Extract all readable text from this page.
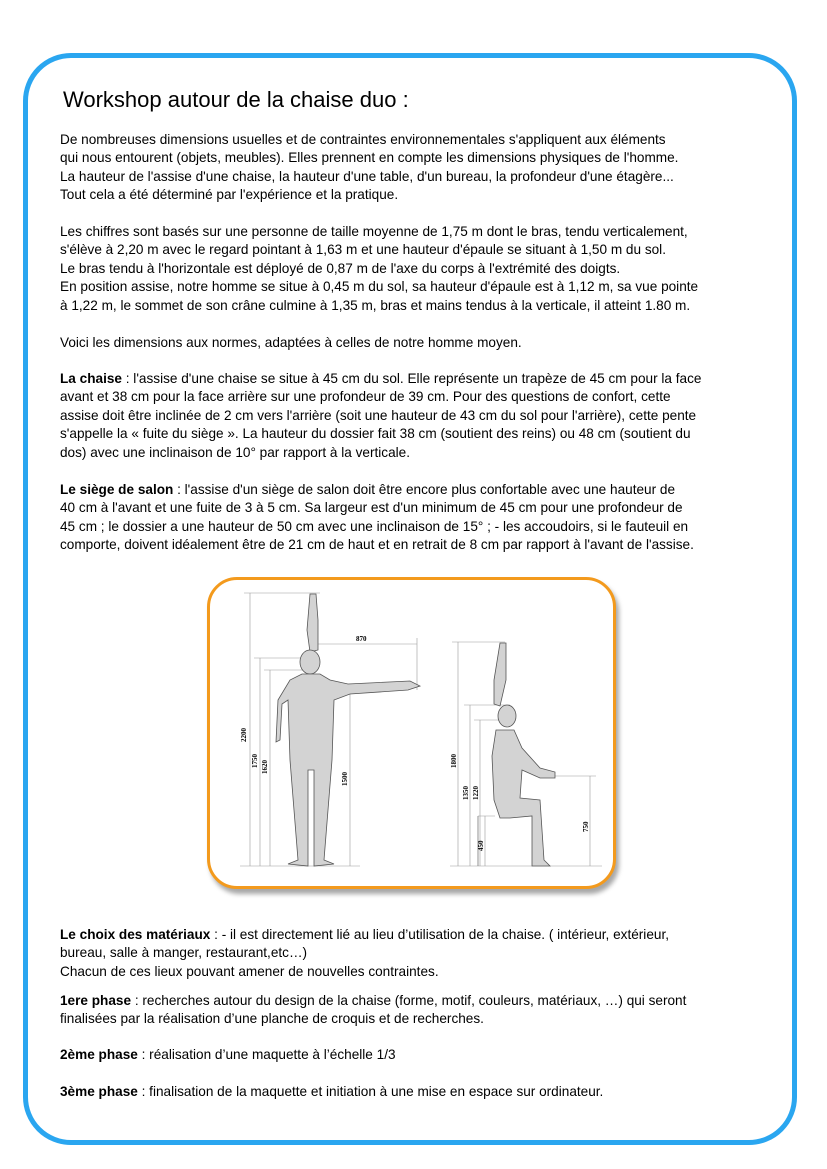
Workshop autour de la chaise duo :

De nombreuses dimensions usuelles et de contraintes environnementales s'appliquent aux éléments
qui nous entourent (objets, meubles). Elles prennent en compte les dimensions physiques de l'homme.
La hauteur de l'assise d'une chaise, la hauteur d'une table, d'un bureau, la profondeur d'une étagère...
Tout cela a été déterminé par l'expérience et la pratique.

Les chiffres sont basés sur une personne de taille moyenne de 1,75 m dont le bras, tendu verticalement,
s'élève à 2,20 m avec le regard pointant à 1,63 m et une hauteur d'épaule se situant à 1,50 m du sol.
Le bras tendu à l'horizontale est déployé de 0,87 m de l'axe du corps à l'extrémité des doigts.
En position assise, notre homme se situe à 0,45 m du sol, sa hauteur d'épaule est à 1,12 m, sa vue pointe
à 1,22 m, le sommet de son crâne culmine à 1,35 m, bras et mains tendus à la verticale, il atteint 1.80 m.

Voici les dimensions aux normes, adaptées à celles de notre homme moyen.

La chaise : l'assise d'une chaise se situe à 45 cm du sol. Elle représente un trapèze de 45 cm pour la face
avant et 38 cm pour la face arrière sur une profondeur de 39 cm. Pour des questions de confort, cette
assise doit être inclinée de 2 cm vers l'arrière (soit une hauteur de 43 cm du sol pour l'arrière), cette pente
s'appelle la « fuite du siège ». La hauteur du dossier fait 38 cm (soutient des reins) ou 48 cm (soutient du
dos) avec une inclinaison de 10° par rapport à la verticale.

Le siège de salon : l'assise d'un siège de salon doit être encore plus confortable avec une hauteur de
40 cm à l'avant et une fuite de 3 à 5 cm. Sa largeur est d'un minimum de 45 cm pour une profondeur de
45 cm ; le dossier a une hauteur de 50 cm avec une inclinaison de 15° ; - les accoudoirs, si le fauteuil en
comporte, doivent idéalement être de 21 cm de haut et en retrait de 8 cm par rapport à l'avant de l'assise.

870
2200
1750 1620
1500
1800
1350 1220
450
750

Le choix des matériaux : - il est directement lié au lieu d’utilisation de la chaise. ( intérieur, extérieur,
bureau, salle à manger, restaurant,etc…)
Chacun de ces lieux pouvant amener de nouvelles contraintes.

1ere phase : recherches autour du design de la chaise (forme, motif, couleurs, matériaux, …) qui seront
finalisées par la réalisation d’une planche de croquis et de recherches.

2ème phase : réalisation d’une maquette à l’échelle 1/3

3ème phase : finalisation de la maquette et initiation à une mise en espace sur ordinateur.
